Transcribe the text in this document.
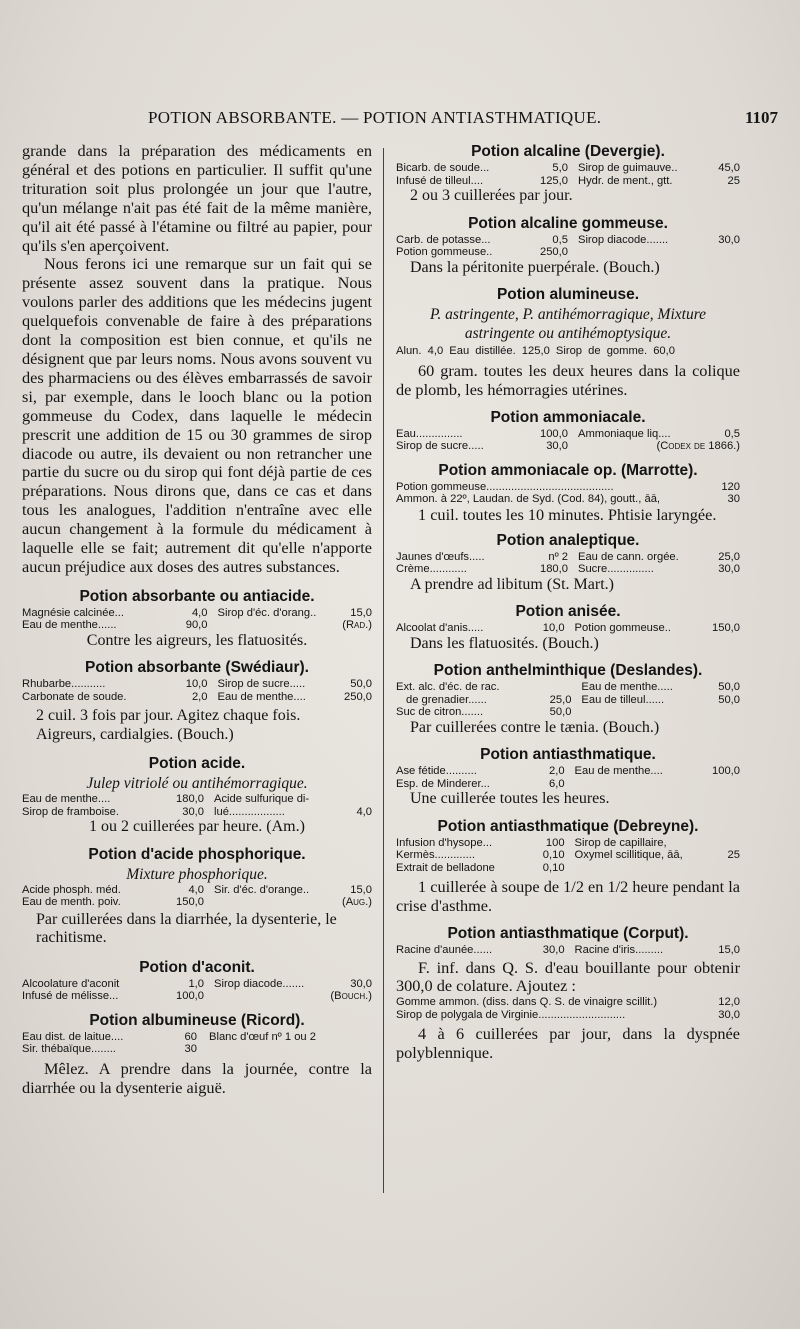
POTION ABSORBANTE. — POTION ANTIASTHMATIQUE.	1107

grande dans la préparation des médicaments en général et des potions en particulier. Il suffit qu'une trituration soit plus prolongée un jour que l'autre, qu'un mélange n'ait pas été fait de la même manière, qu'il ait été passé à l'étamine ou filtré au papier, pour qu'ils s'en aperçoivent.

Nous ferons ici une remarque sur un fait qui se présente assez souvent dans la pratique. Nous voulons parler des additions que les médecins jugent quelquefois convenable de faire à des préparations dont la composition est bien connue, et qu'ils ne désignent que par leurs noms. Nous avons souvent vu des pharmaciens ou des élèves embarrassés de savoir si, par exemple, dans le looch blanc ou la potion gommeuse du Codex, dans laquelle le médecin prescrit une addition de 15 ou 30 grammes de sirop diacode ou autre, ils devaient ou non retrancher une partie du sucre ou du sirop qui font déjà partie de ces préparations. Nous dirons que, dans ce cas et dans tous les analogues, l'addition n'entraîne avec elle aucun changement à la formule du médicament à laquelle elle se fait; autrement dit qu'elle n'apporte aucun préjudice aux doses des autres substances.

Potion absorbante ou antiacide.

Magnésie calcinée...	4,0	Sirop d'éc. d'orang..	15,0
Eau de menthe......	90,0	(Rad.)	

Contre les aigreurs, les flatuosités.

Potion absorbante (Swédiaur).

Rhubarbe...........	10,0	Sirop de sucre.....	50,0
Carbonate de soude.	2,0	Eau de menthe....	250,0

2 cuil. 3 fois par jour. Agitez chaque fois. Aigreurs, cardialgies. (Bouch.)

Potion acide.

Julep vitriolé ou antihémorragique.

Eau de menthe....	180,0	Acide sulfurique di-	
Sirop de framboise.	30,0	lué..................	4,0

1 ou 2 cuillerées par heure. (Am.)

Potion d'acide phosphorique.

Mixture phosphorique.

Acide phosph. méd.	4,0	Sir. d'éc. d'orange..	15,0
Eau de menth. poiv.	150,0	(Aug.)	

Par cuillerées dans la diarrhée, la dysenterie, le rachitisme.

Potion d'aconit.

Alcoolature d'aconit	1,0	Sirop diacode.......	30,0
Infusé de mélisse...	100,0	(Bouch.)	

Potion albumineuse (Ricord).

Eau dist. de laitue....	60	Blanc d'œuf nº 1 ou 2
Sir. thébaïque........	30	

Mêlez. A prendre dans la journée, contre la diarrhée ou la dysenterie aiguë.

Potion alcaline (Devergie).

Bicarb. de soude...	5,0	Sirop de guimauve..	45,0
Infusé de tilleul....	125,0	Hydr. de ment., gtt.	25

2 ou 3 cuillerées par jour.

Potion alcaline gommeuse.

Carb. de potasse...	0,5	Sirop diacode.......	30,0
Potion gommeuse..	250,0		

Dans la péritonite puerpérale. (Bouch.)

Potion alumineuse.

P. astringente, P. antihémorragique, Mixture astringente ou antihémoptysique.

Alun. 4,0 Eau distillée. 125,0 Sirop de gomme. 60,0

60 gram. toutes les deux heures dans la colique de plomb, les hémorragies utérines.

Potion ammoniacale.

Eau...............	100,0	Ammoniaque liq....	0,5
Sirop de sucre.....	30,0	(Codex de 1866.)	

Potion ammoniacale op. (Marrotte).

Potion gommeuse.........................................	120
Ammon. à 22º, Laudan. de Syd. (Cod. 84), goutt., āā,	30

1 cuil. toutes les 10 minutes. Phtisie laryngée.

Potion analeptique.

Jaunes d'œufs.....	nº 2	Eau de cann. orgée.	25,0
Crème............	180,0	Sucre...............	30,0

A prendre ad libitum (St. Mart.)

Potion anisée.

Alcoolat d'anis.....	10,0	Potion gommeuse..	150,0

Dans les flatuosités. (Bouch.)

Potion anthelminthique (Deslandes).

Ext. alc. d'éc. de rac.		Eau de menthe.....	50,0
de grenadier......	25,0	Eau de tilleul......	50,0
Suc de citron.......	50,0		

Par cuillerées contre le tænia. (Bouch.)

Potion antiasthmatique.

Ase fétide..........	2,0	Eau de menthe....	100,0
Esp. de Minderer...	6,0		

Une cuillerée toutes les heures.

Potion antiasthmatique (Debreyne).

Infusion d'hysope...	100	Sirop de capillaire,	
Kermès.............	0,10	Oxymel scillitique, āā,	25
Extrait de belladone	0,10		

1 cuillerée à soupe de 1/2 en 1/2 heure pendant la crise d'asthme.

Potion antiasthmatique (Corput).

Racine d'aunée......	30,0	Racine d'iris.........	15,0

F. inf. dans Q. S. d'eau bouillante pour obtenir 300,0 de colature. Ajoutez :

Gomme ammon. (diss. dans Q. S. de vinaigre scillit.)	12,0
Sirop de polygala de Virginie............................	30,0

4 à 6 cuillerées par jour, dans la dyspnée polyblennique.
